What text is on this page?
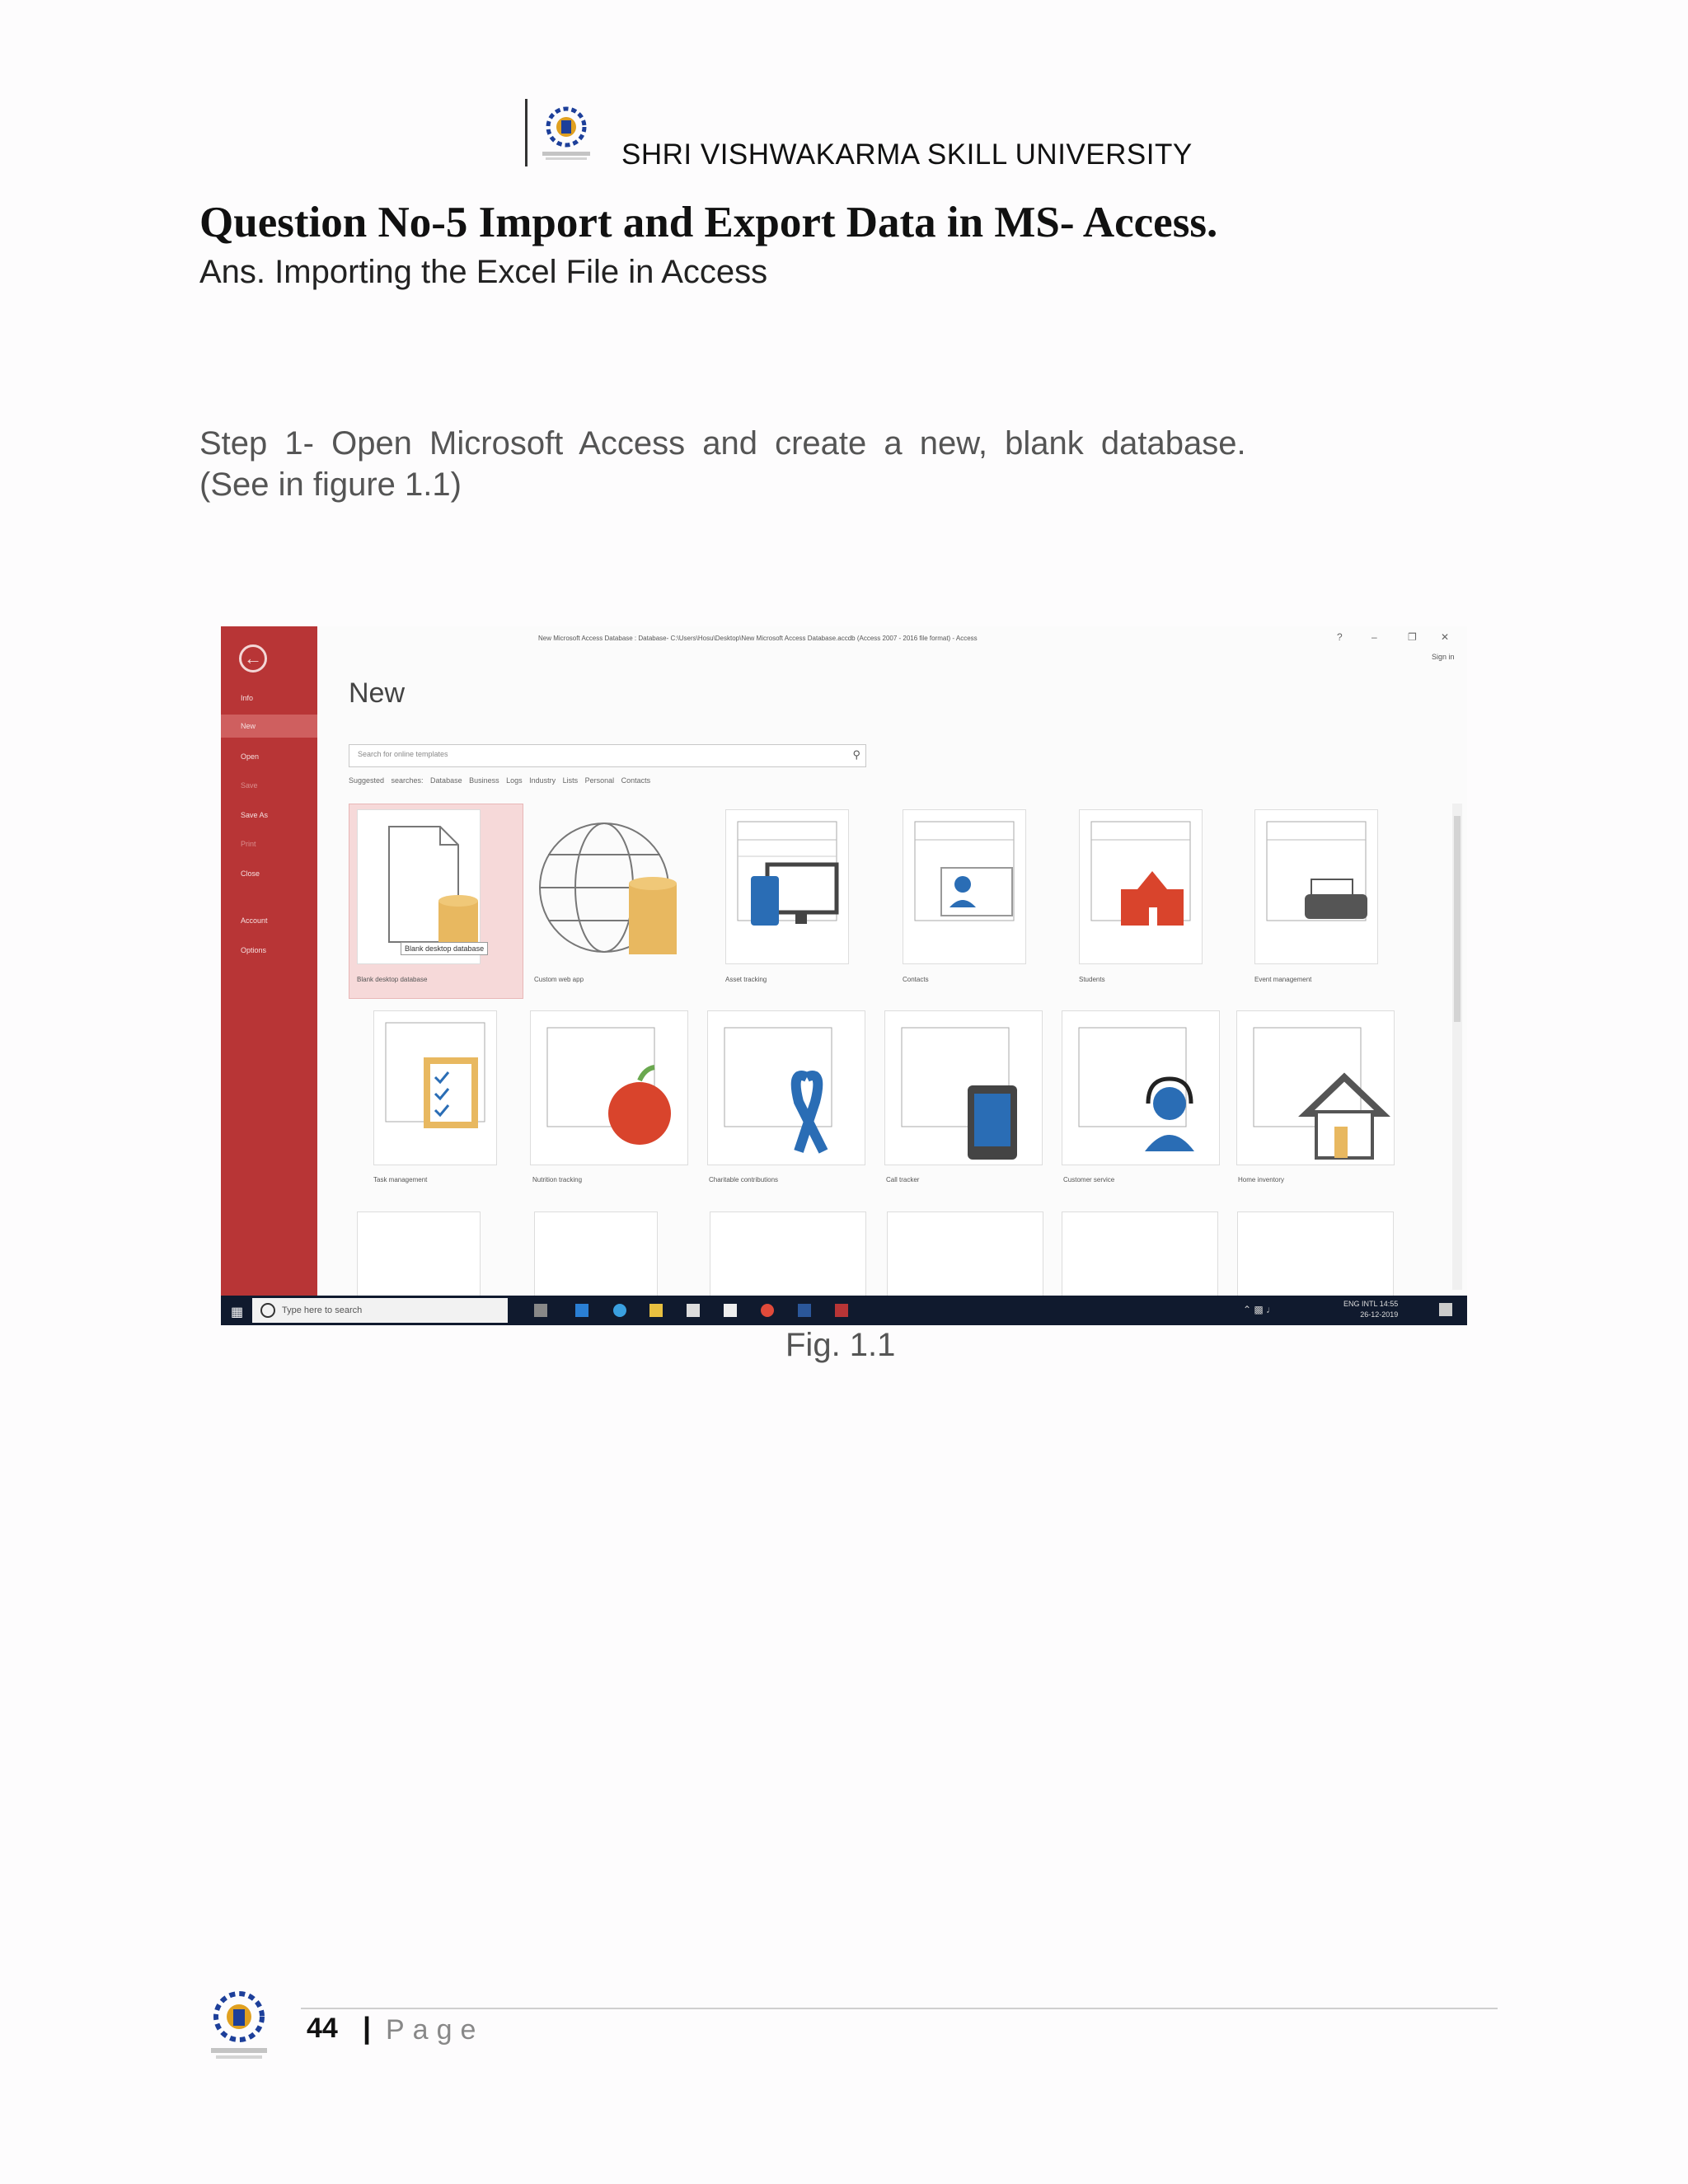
SHRI VISHWAKARMA SKILL UNIVERSITY
Question No-5 Import and Export Data in MS- Access.
Ans. Importing the Excel File in Access
Step 1- Open Microsoft Access and create a new, blank database.
(See in figure 1.1)
←
Info
New
Open
Save
Save As
Print
Close
Account
Options
New Microsoft Access Database : Database- C:\Users\Hosu\Desktop\New Microsoft Access Database.accdb (Access 2007 - 2016 file format) - Access	?	–	❐ ✕
Sign in
New
Search for online templates	⚲
Suggested searches: Database Business Logs Industry Lists Personal Contacts
Blank desktop database
Blank desktop database	Custom web app	Asset tracking	Contacts	Students	Event management
Task management	Nutrition tracking	Charitable contributions	Call tracker	Customer service	Home inventory
▦	Type here to search	⌃ ▩ ♩	ENG INTL 14:55
26-12-2019
Fig. 1.1
44 | Page
